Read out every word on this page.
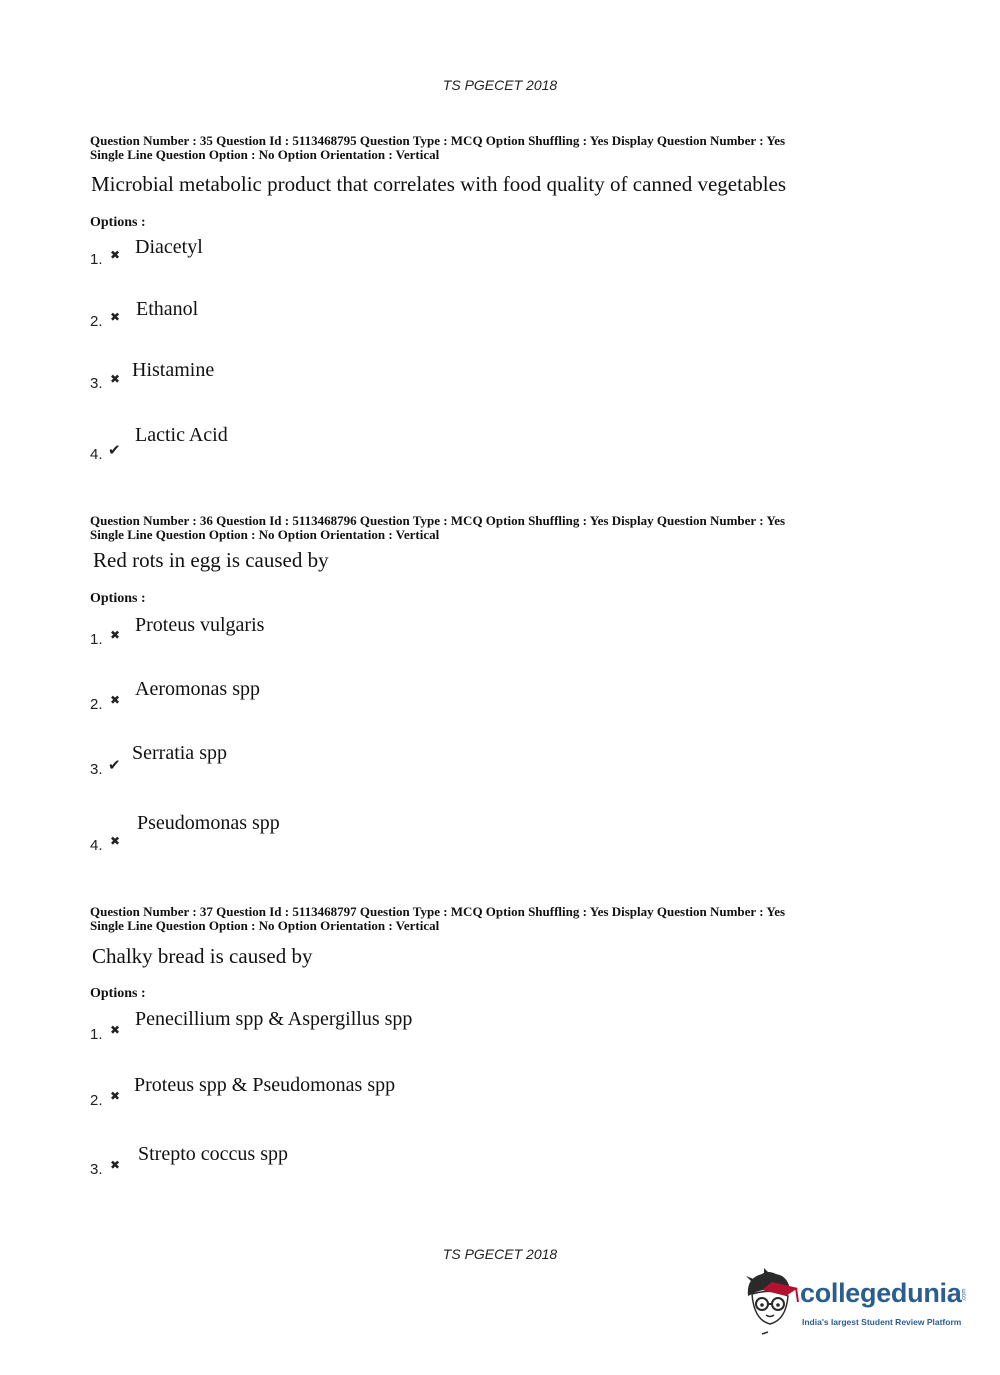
TS PGECET 2018
Question Number : 35 Question Id : 5113468795 Question Type : MCQ Option Shuffling : Yes Display Question Number : Yes
Single Line Question Option : No Option Orientation : Vertical
Microbial metabolic product that correlates with food quality of canned vegetables
Options :
1. ✖ Diacetyl
2. ✖ Ethanol
3. ✖ Histamine
4. ✔
Lactic Acid
Question Number : 36 Question Id : 5113468796 Question Type : MCQ Option Shuffling : Yes Display Question Number : Yes
Single Line Question Option : No Option Orientation : Vertical
Red rots in egg is caused by
Options :
1. ✖ Proteus vulgaris
2. ✖ Aeromonas spp
3. ✔
Serratia spp
4. ✖
Pseudomonas spp
Question Number : 37 Question Id : 5113468797 Question Type : MCQ Option Shuffling : Yes Display Question Number : Yes
Single Line Question Option : No Option Orientation : Vertical
Chalky bread is caused by
Options :
1. ✖ Penecillium spp & Aspergillus spp
2. ✖ Proteus spp & Pseudomonas spp
3. ✖ Strepto coccus spp
TS PGECET 2018
collegedunia .com
India's largest Student Review Platform
